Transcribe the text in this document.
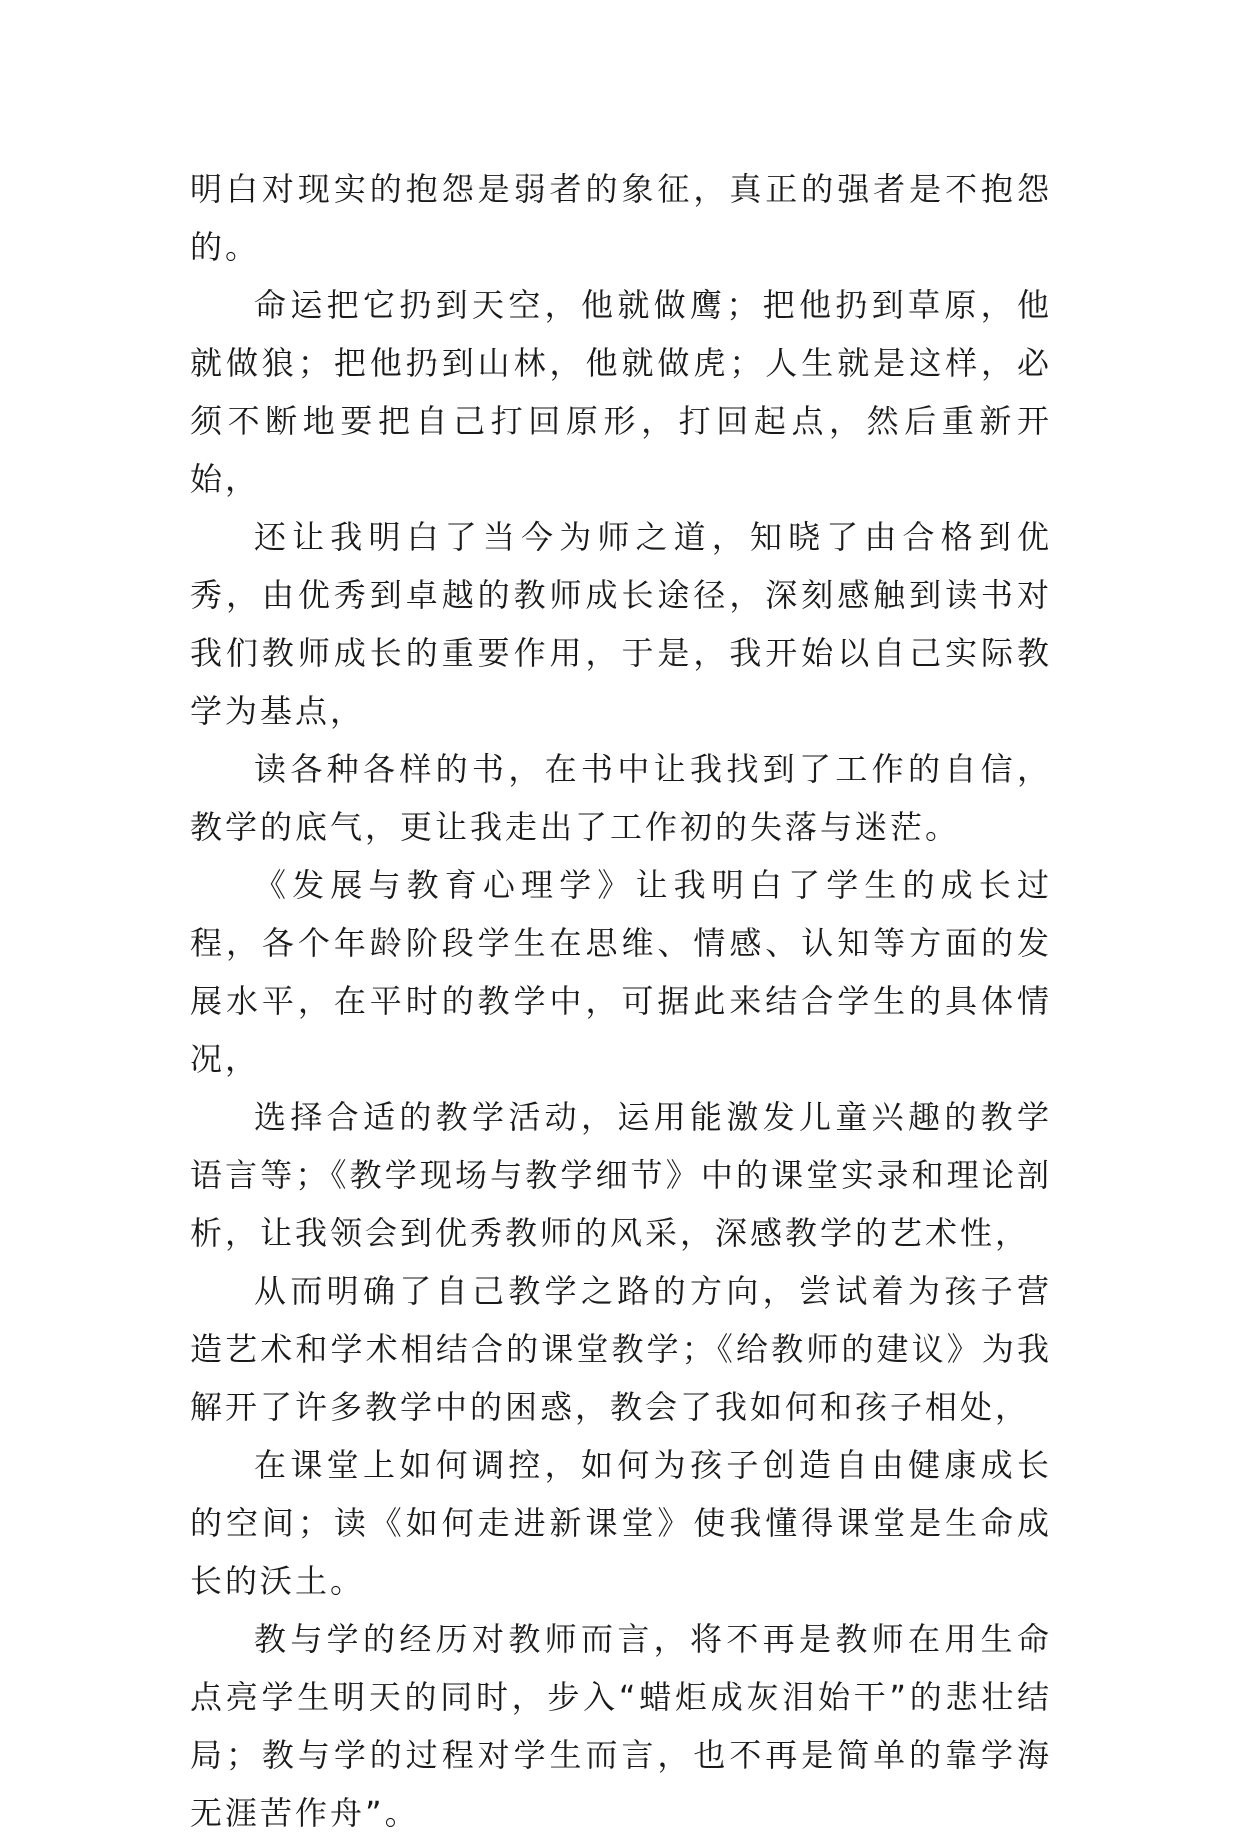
明白对现实的抱怨是弱者的象征，真正的强者是不抱怨的。

命运把它扔到天空，他就做鹰；把他扔到草原，他就做狼；把他扔到山林，他就做虎；人生就是这样，必须不断地要把自己打回原形，打回起点，然后重新开始，

还让我明白了当今为师之道，知晓了由合格到优秀，由优秀到卓越的教师成长途径，深刻感触到读书对我们教师成长的重要作用，于是，我开始以自己实际教学为基点，

读各种各样的书，在书中让我找到了工作的自信，教学的底气，更让我走出了工作初的失落与迷茫。

《发展与教育心理学》让我明白了学生的成长过程，各个年龄阶段学生在思维、情感、认知等方面的发展水平，在平时的教学中，可据此来结合学生的具体情况，

选择合适的教学活动，运用能激发儿童兴趣的教学语言等；《教学现场与教学细节》中的课堂实录和理论剖析，让我领会到优秀教师的风采，深感教学的艺术性，

从而明确了自己教学之路的方向，尝试着为孩子营造艺术和学术相结合的课堂教学；《给教师的建议》为我解开了许多教学中的困惑，教会了我如何和孩子相处，

在课堂上如何调控，如何为孩子创造自由健康成长的空间；读《如何走进新课堂》使我懂得课堂是生命成长的沃土。

教与学的经历对教师而言，将不再是教师在用生命点亮学生明天的同时，步入“蜡炬成灰泪始干”的悲壮结局；教与学的过程对学生而言，也不再是简单的靠学海无涯苦作舟”。
